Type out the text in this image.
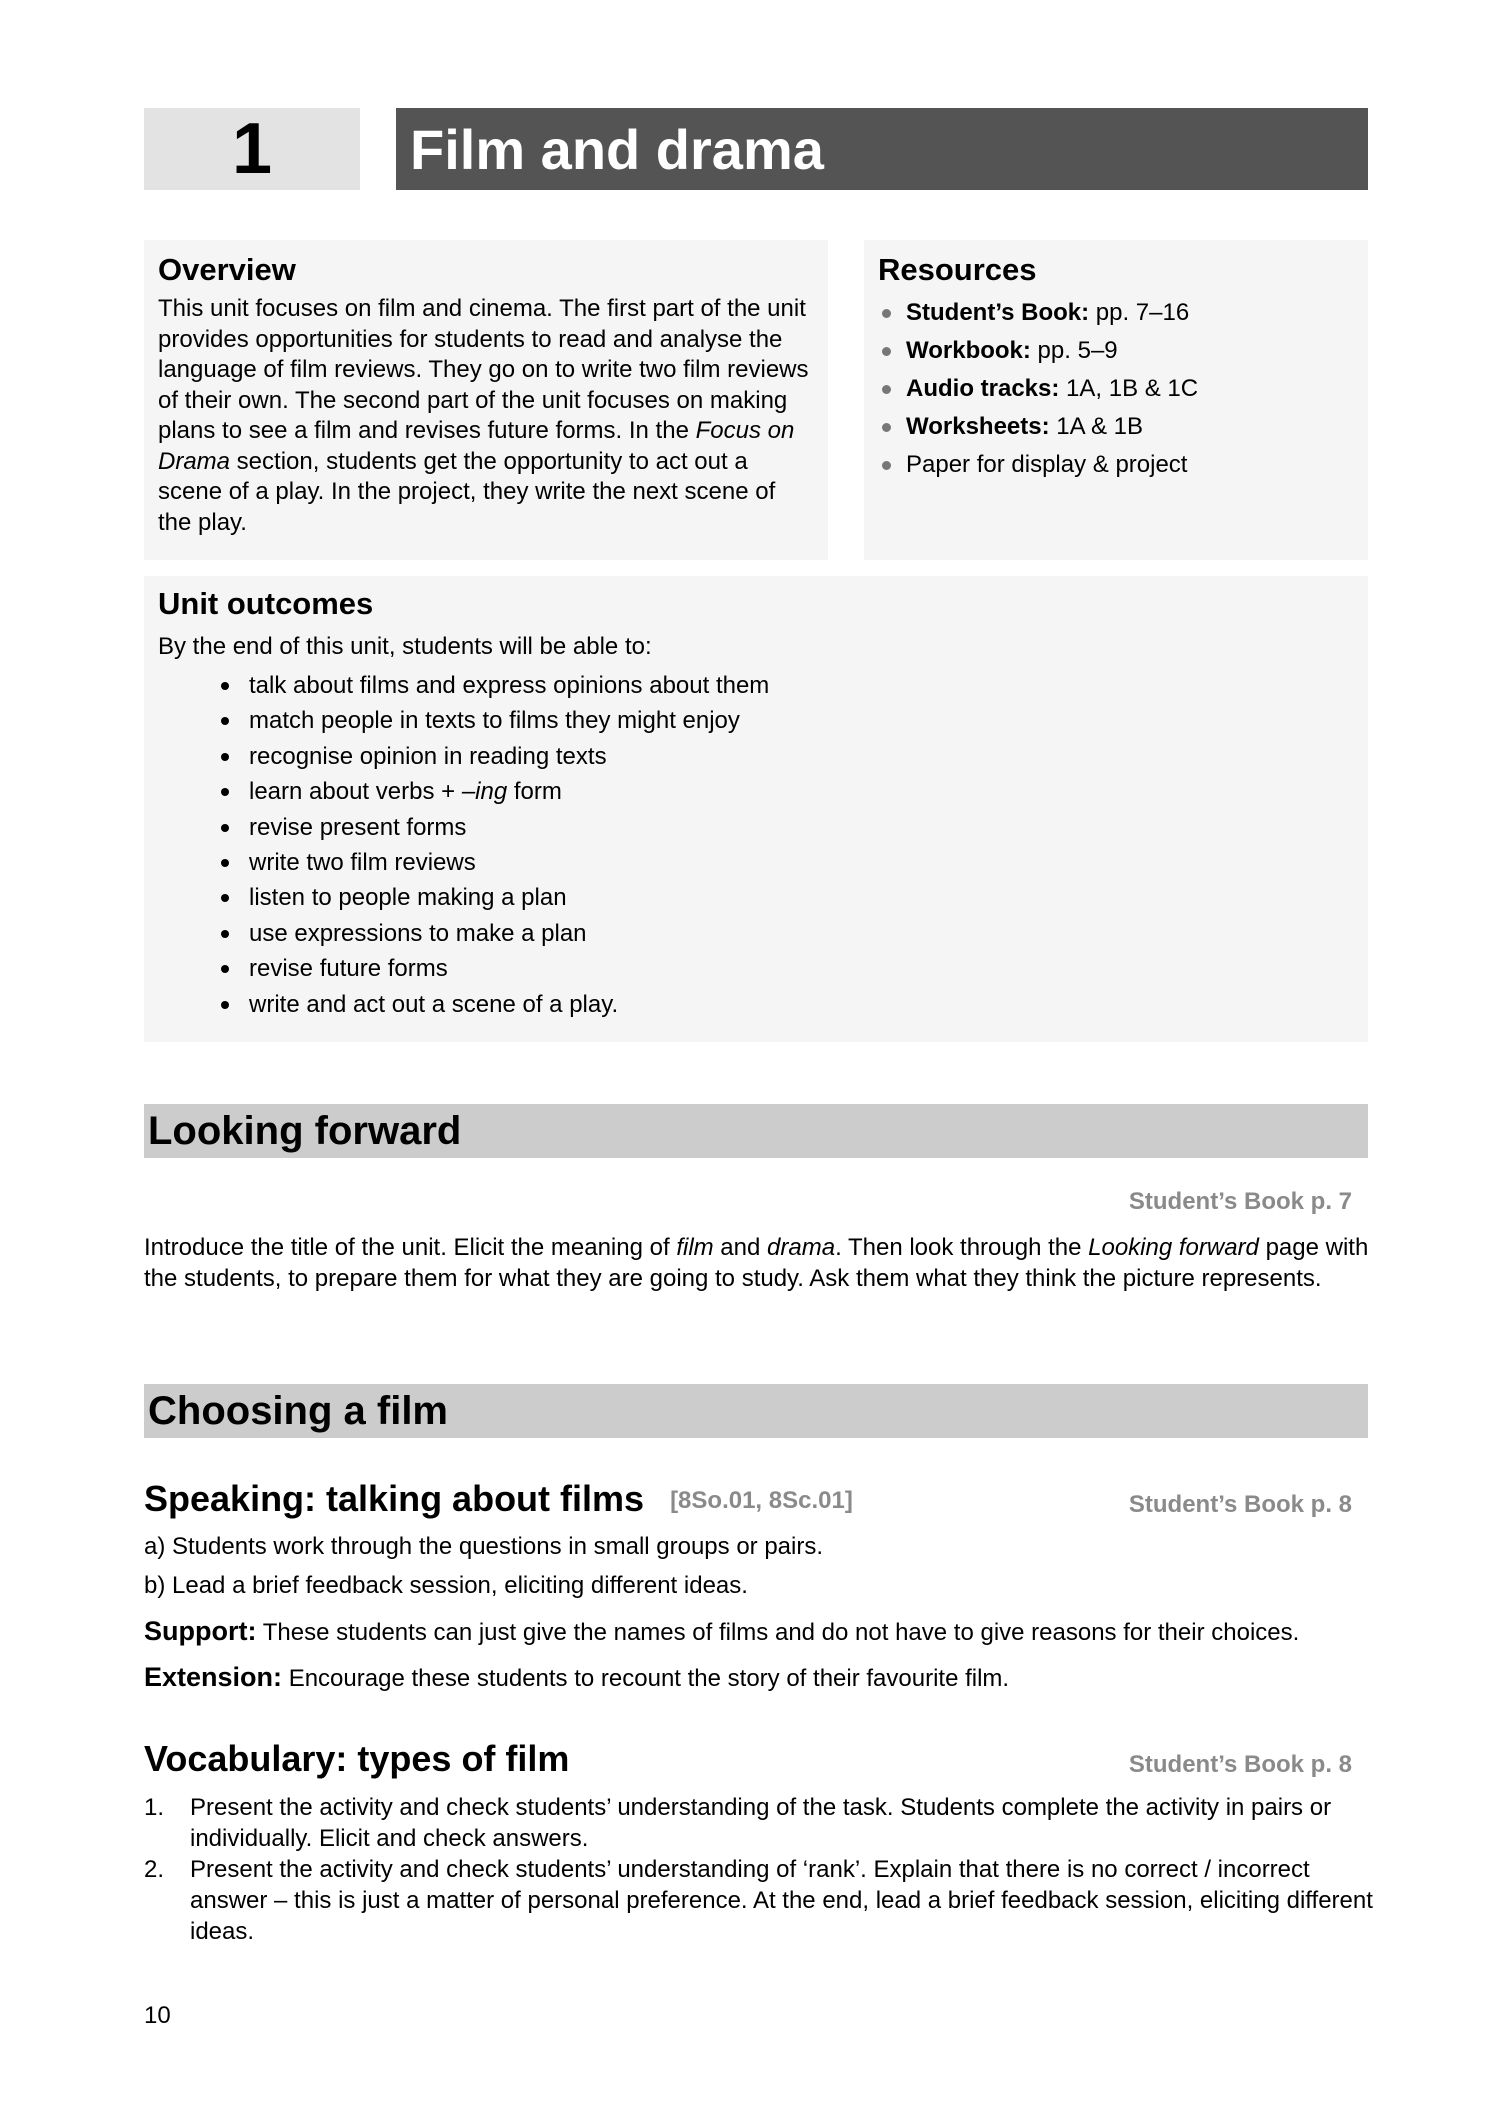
1	Film and drama
Overview

This unit focuses on film and cinema. The first part of the unit provides opportunities for students to read and analyse the language of film reviews. They go on to write two film reviews of their own. The second part of the unit focuses on making plans to see a film and revises future forms. In the Focus on Drama section, students get the opportunity to act out a scene of a play. In the project, they write the next scene of the play.

Resources
Student’s Book: pp. 7–16
Workbook: pp. 5–9
Audio tracks: 1A, 1B & 1C
Worksheets: 1A & 1B
Paper for display & project
Unit outcomes
By the end of this unit, students will be able to:
talk about films and express opinions about them
match people in texts to films they might enjoy
recognise opinion in reading texts
learn about verbs + –ing form
revise present forms
write two film reviews
listen to people making a plan
use expressions to make a plan
revise future forms
write and act out a scene of a play.
Looking forward
Student’s Book p. 7

Introduce the title of the unit. Elicit the meaning of film and drama. Then look through the Looking forward page with the students, to prepare them for what they are going to study. Ask them what they think the picture represents.

Choosing a film
Speaking: talking about films [8So.01, 8Sc.01]	Student’s Book p. 8
a) Students work through the questions in small groups or pairs.
b) Lead a brief feedback session, eliciting different ideas.
Support: These students can just give the names of films and do not have to give reasons for their choices.
Extension: Encourage these students to recount the story of their favourite film.
Vocabulary: types of film	Student’s Book p. 8
1. Present the activity and check students’ understanding of the task. Students complete the activity in pairs or individually. Elicit and check answers.
2. Present the activity and check students’ understanding of ‘rank’. Explain that there is no correct / incorrect answer – this is just a matter of personal preference. At the end, lead a brief feedback session, eliciting different ideas.
10
